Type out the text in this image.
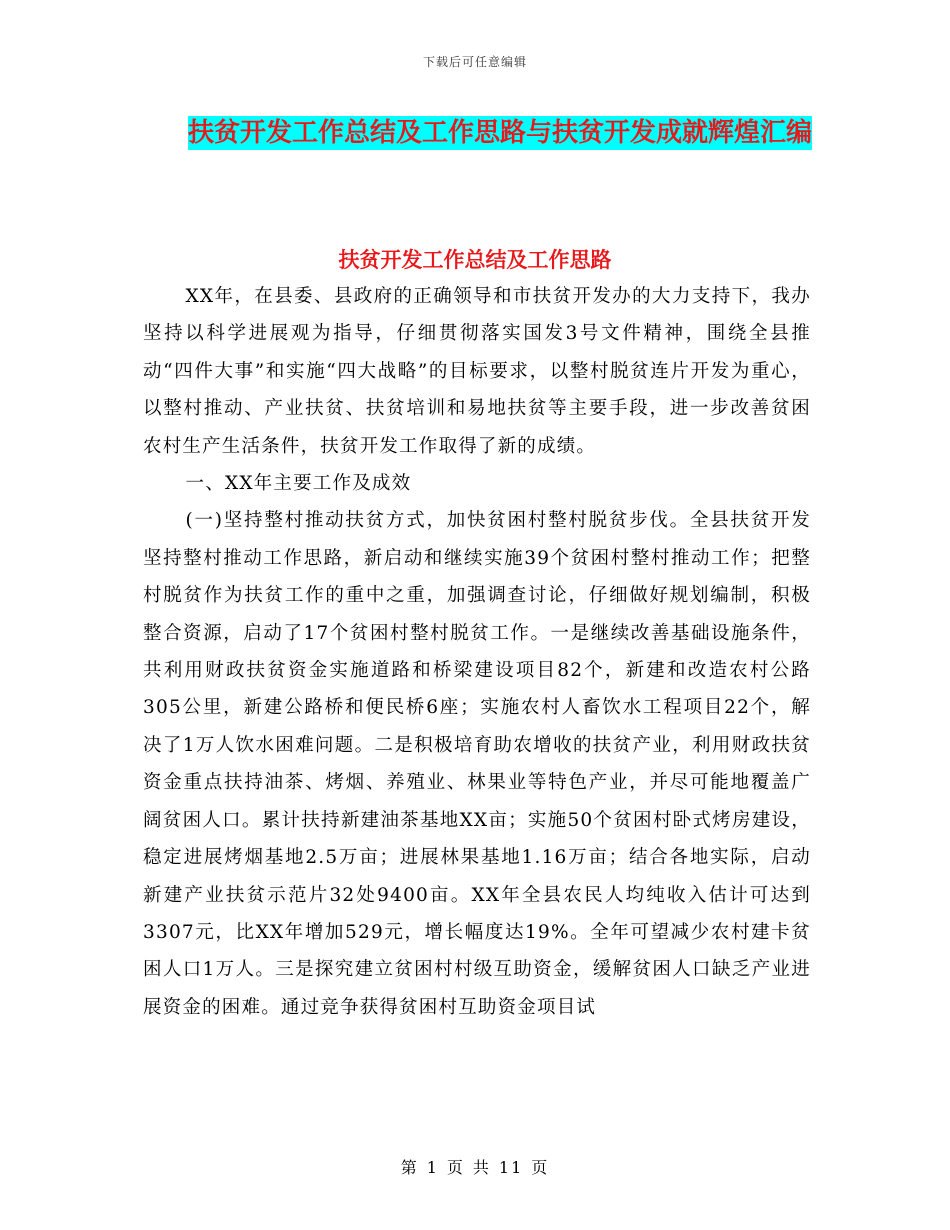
下载后可任意编辑
扶贫开发工作总结及工作思路与扶贫开发成就辉煌汇编
扶贫开发工作总结及工作思路

XX年，在县委、县政府的正确领导和市扶贫开发办的大力支持下，我办坚持以科学进展观为指导，仔细贯彻落实国发3号文件精神，围绕全县推动“四件大事”和实施“四大战略”的目标要求，以整村脱贫连片开发为重心，以整村推动、产业扶贫、扶贫培训和易地扶贫等主要手段，进一步改善贫困农村生产生活条件，扶贫开发工作取得了新的成绩。

一、XX年主要工作及成效

(一)坚持整村推动扶贫方式，加快贫困村整村脱贫步伐。全县扶贫开发坚持整村推动工作思路，新启动和继续实施39个贫困村整村推动工作；把整村脱贫作为扶贫工作的重中之重，加强调查讨论，仔细做好规划编制，积极整合资源，启动了17个贫困村整村脱贫工作。一是继续改善基础设施条件，共利用财政扶贫资金实施道路和桥梁建设项目82个，新建和改造农村公路305公里，新建公路桥和便民桥6座；实施农村人畜饮水工程项目22个，解决了1万人饮水困难问题。二是积极培育助农增收的扶贫产业，利用财政扶贫资金重点扶持油茶、烤烟、养殖业、林果业等特色产业，并尽可能地覆盖广阔贫困人口。累计扶持新建油茶基地XX亩；实施50个贫困村卧式烤房建设，稳定进展烤烟基地2.5万亩；进展林果基地1.16万亩；结合各地实际，启动新建产业扶贫示范片32处9400亩。XX年全县农民人均纯收入估计可达到3307元，比XX年增加529元，增长幅度达19%。全年可望减少农村建卡贫困人口1万人。三是探究建立贫困村村级互助资金，缓解贫困人口缺乏产业进展资金的困难。通过竞争获得贫困村互助资金项目试

第 1 页 共 11 页
